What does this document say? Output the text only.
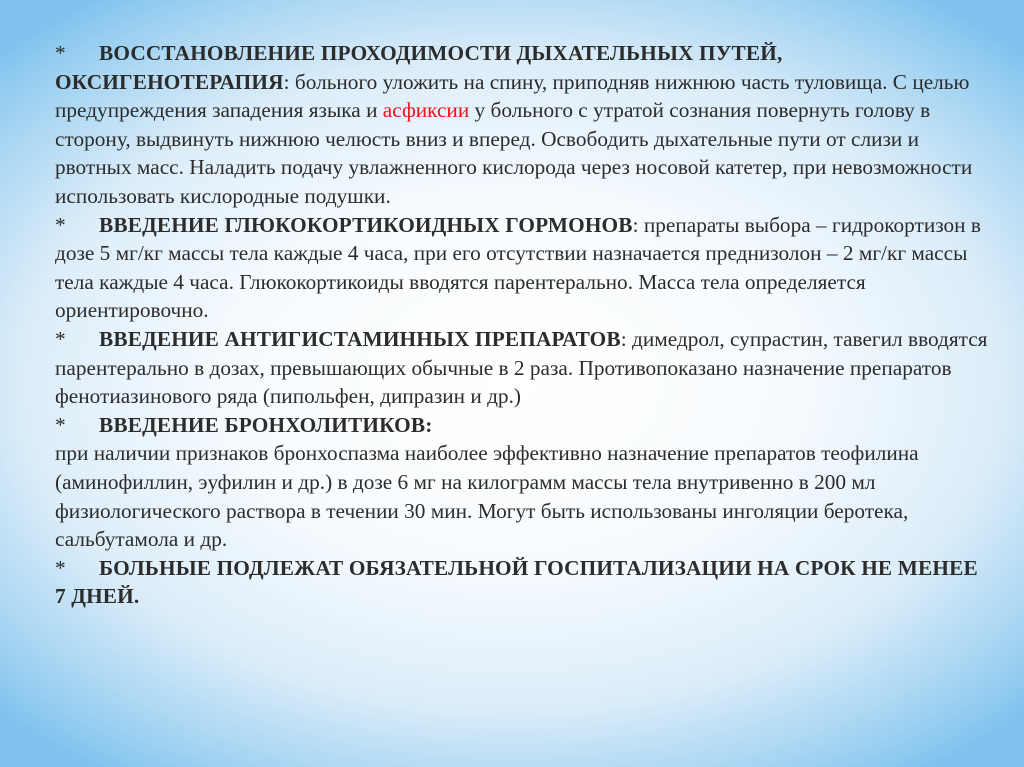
* ВОССТАНОВЛЕНИЕ ПРОХОДИМОСТИ ДЫХАТЕЛЬНЫХ ПУТЕЙ, ОКСИГЕНОТЕРАПИЯ: больного уложить на спину, приподняв нижнюю часть туловища. С целью предупреждения западения языка и асфиксии у больного с утратой сознания повернуть голову в сторону, выдвинуть нижнюю челюсть вниз и вперед. Освободить дыхательные пути от слизи и рвотных масс. Наладить подачу увлажненного кислорода через носовой катетер, при невозможности использовать кислородные подушки.
* ВВЕДЕНИЕ ГЛЮКОКОРТИКОИДНЫХ ГОРМОНОВ: препараты выбора – гидрокортизон в дозе 5 мг/кг массы тела каждые 4 часа, при его отсутствии назначается преднизолон – 2 мг/кг массы тела каждые 4 часа. Глюкокортикоиды вводятся парентерально. Масса тела определяется ориентировочно.
* ВВЕДЕНИЕ АНТИГИСТАМИННЫХ ПРЕПАРАТОВ: димедрол, супрастин, тавегил вводятся парентерально в дозах, превышающих обычные в 2 раза. Противопоказано назначение препаратов фенотиазинового ряда (пипольфен, дипразин и др.)
* ВВЕДЕНИЕ БРОНХОЛИТИКОВ:
при наличии признаков бронхоспазма наиболее эффективно назначение препаратов теофилина (аминофиллин, эуфилин и др.) в дозе 6 мг на килограмм массы тела внутривенно в 200 мл физиологического раствора в течении 30 мин. Могут быть использованы инголяции беротека, сальбутамола и др.
* БОЛЬНЫЕ ПОДЛЕЖАТ ОБЯЗАТЕЛЬНОЙ ГОСПИТАЛИЗАЦИИ НА СРОК НЕ МЕНЕЕ 7 ДНЕЙ.
